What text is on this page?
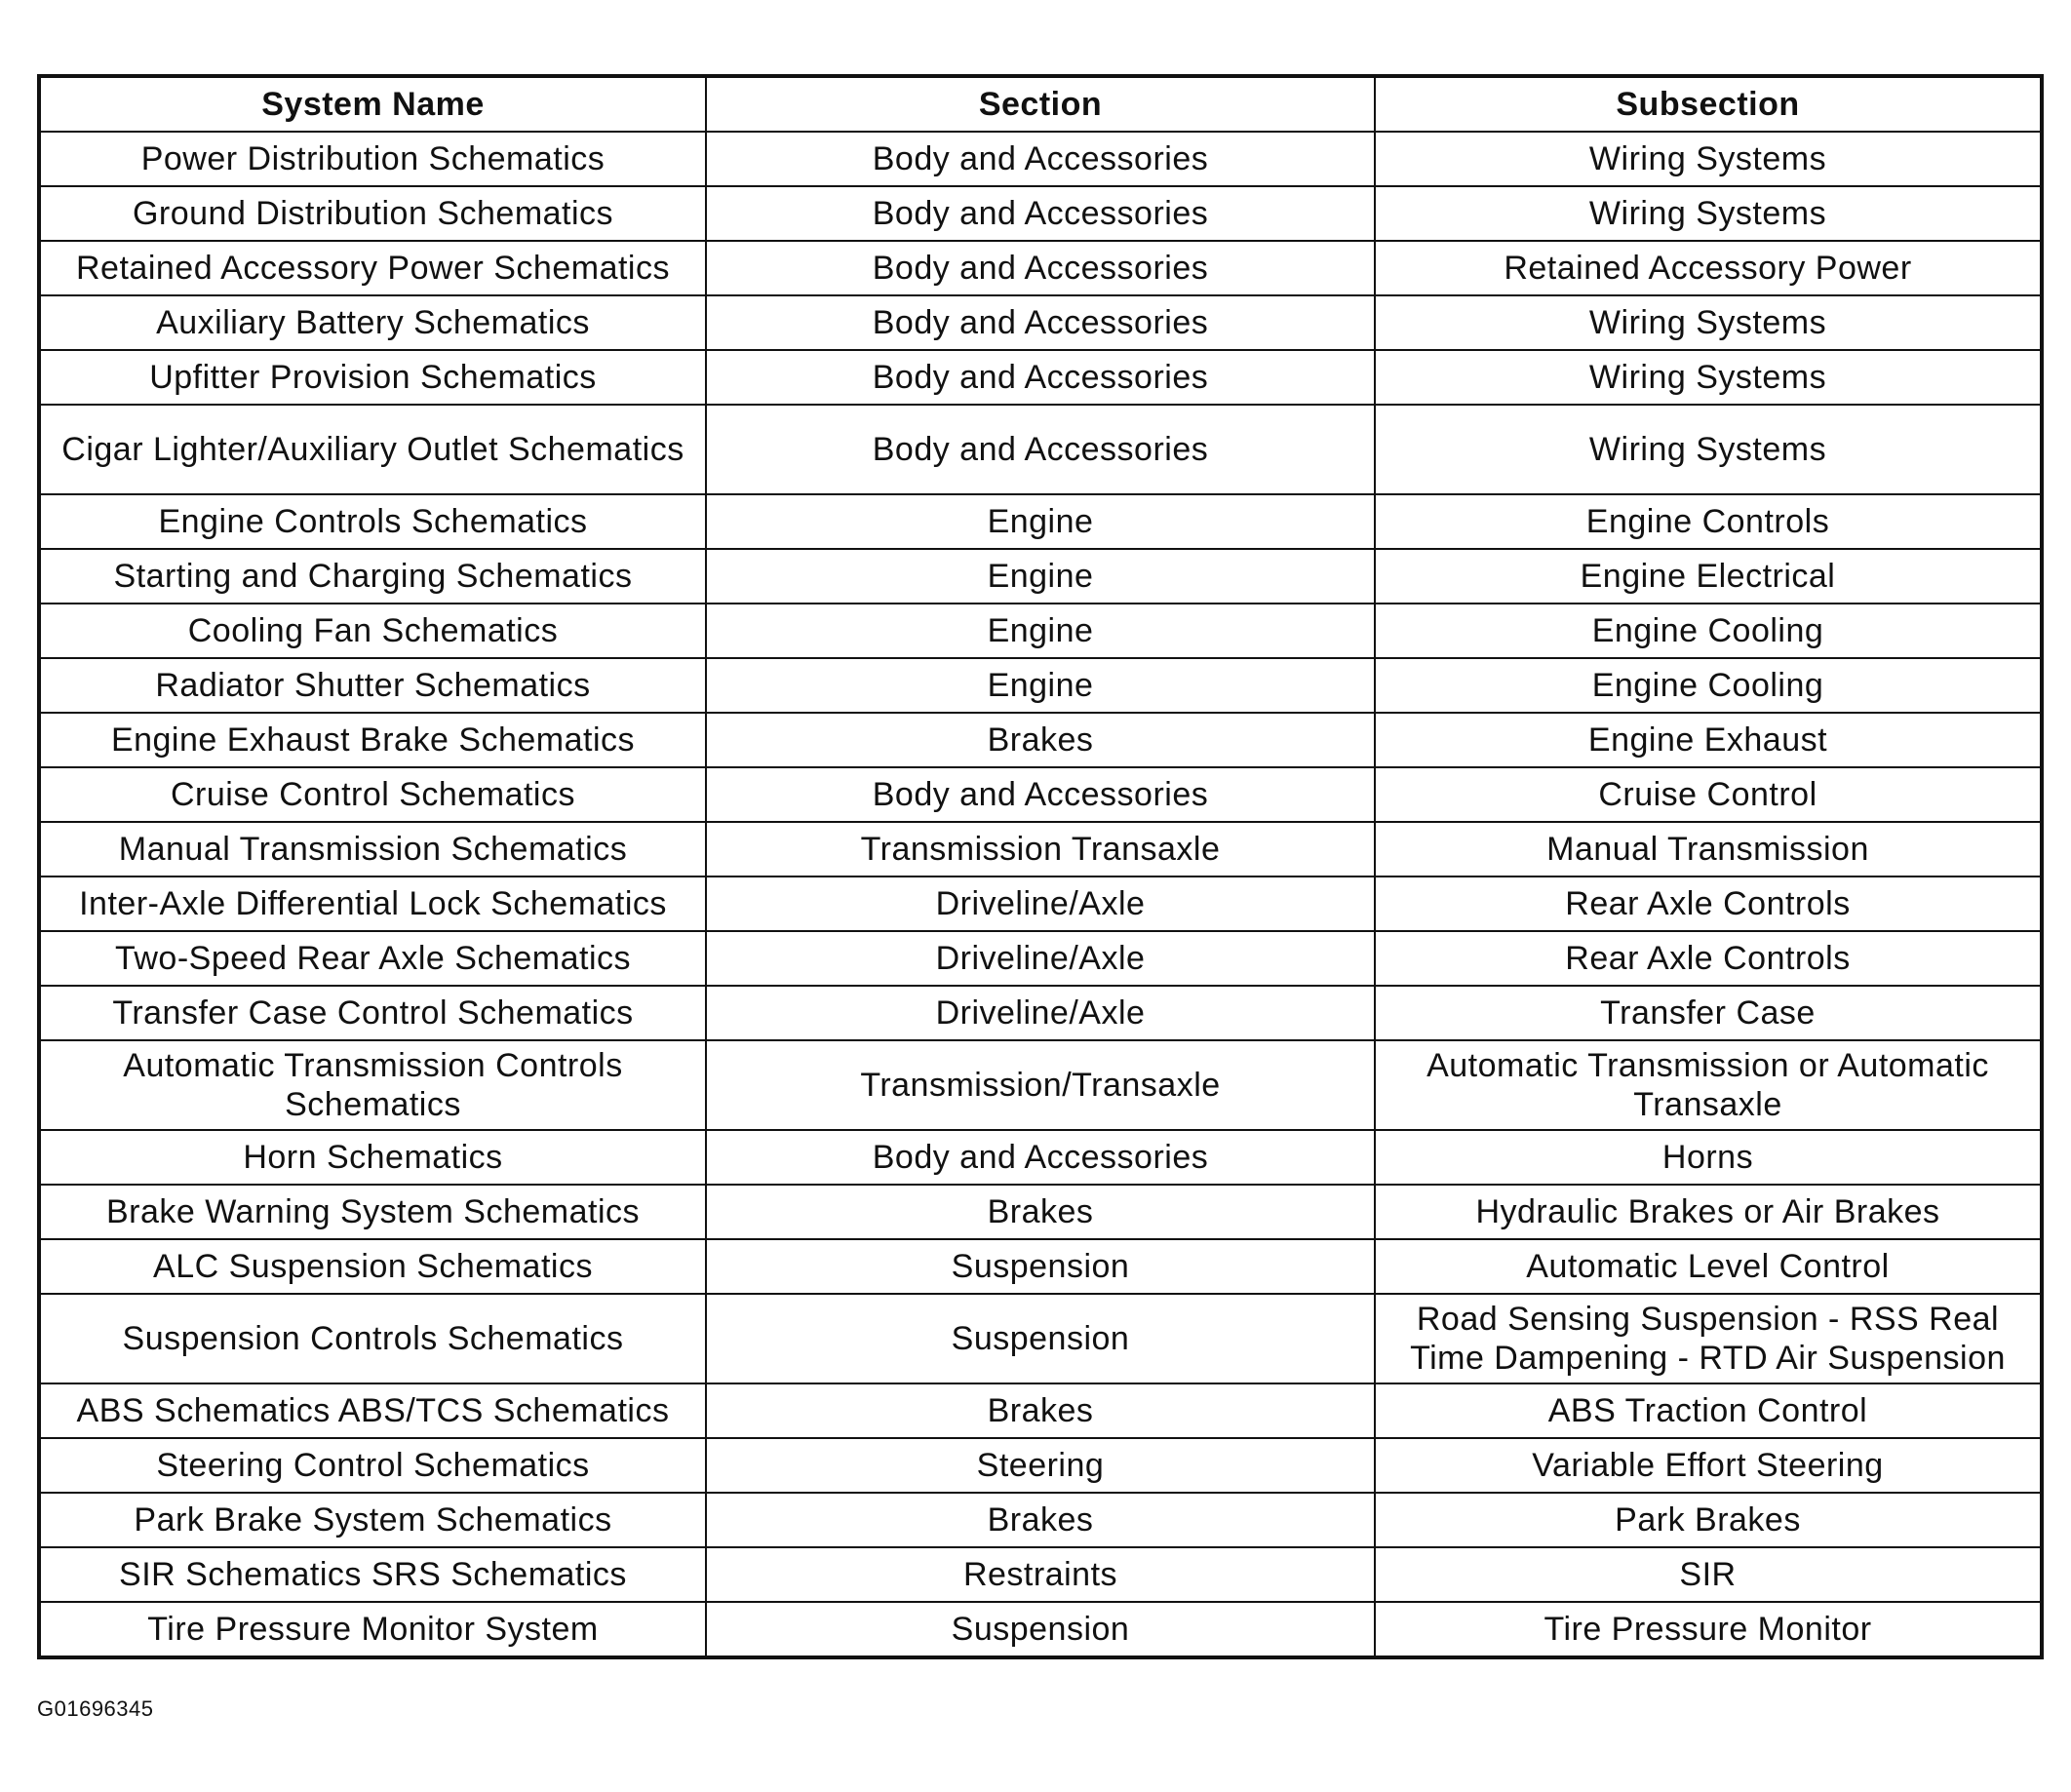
System Name	Section	Subsection
Power Distribution Schematics	Body and Accessories	Wiring Systems
Ground Distribution Schematics	Body and Accessories	Wiring Systems
Retained Accessory Power Schematics	Body and Accessories	Retained Accessory Power
Auxiliary Battery Schematics	Body and Accessories	Wiring Systems
Upfitter Provision Schematics	Body and Accessories	Wiring Systems
Cigar Lighter/Auxiliary Outlet Schematics	Body and Accessories	Wiring Systems
Engine Controls Schematics	Engine	Engine Controls
Starting and Charging Schematics	Engine	Engine Electrical
Cooling Fan Schematics	Engine	Engine Cooling
Radiator Shutter Schematics	Engine	Engine Cooling
Engine Exhaust Brake Schematics	Brakes	Engine Exhaust
Cruise Control Schematics	Body and Accessories	Cruise Control
Manual Transmission Schematics	Transmission Transaxle	Manual Transmission
Inter-Axle Differential Lock Schematics	Driveline/Axle	Rear Axle Controls
Two-Speed Rear Axle Schematics	Driveline/Axle	Rear Axle Controls
Transfer Case Control Schematics	Driveline/Axle	Transfer Case
Automatic Transmission Controls Schematics	Transmission/Transaxle	Automatic Transmission or Automatic Transaxle
Horn Schematics	Body and Accessories	Horns
Brake Warning System Schematics	Brakes	Hydraulic Brakes or Air Brakes
ALC Suspension Schematics	Suspension	Automatic Level Control
Suspension Controls Schematics	Suspension	Road Sensing Suspension - RSS Real Time Dampening - RTD Air Suspension
ABS Schematics ABS/TCS Schematics	Brakes	ABS Traction Control
Steering Control Schematics	Steering	Variable Effort Steering
Park Brake System Schematics	Brakes	Park Brakes
SIR Schematics SRS Schematics	Restraints	SIR
Tire Pressure Monitor System	Suspension	Tire Pressure Monitor
G01696345
